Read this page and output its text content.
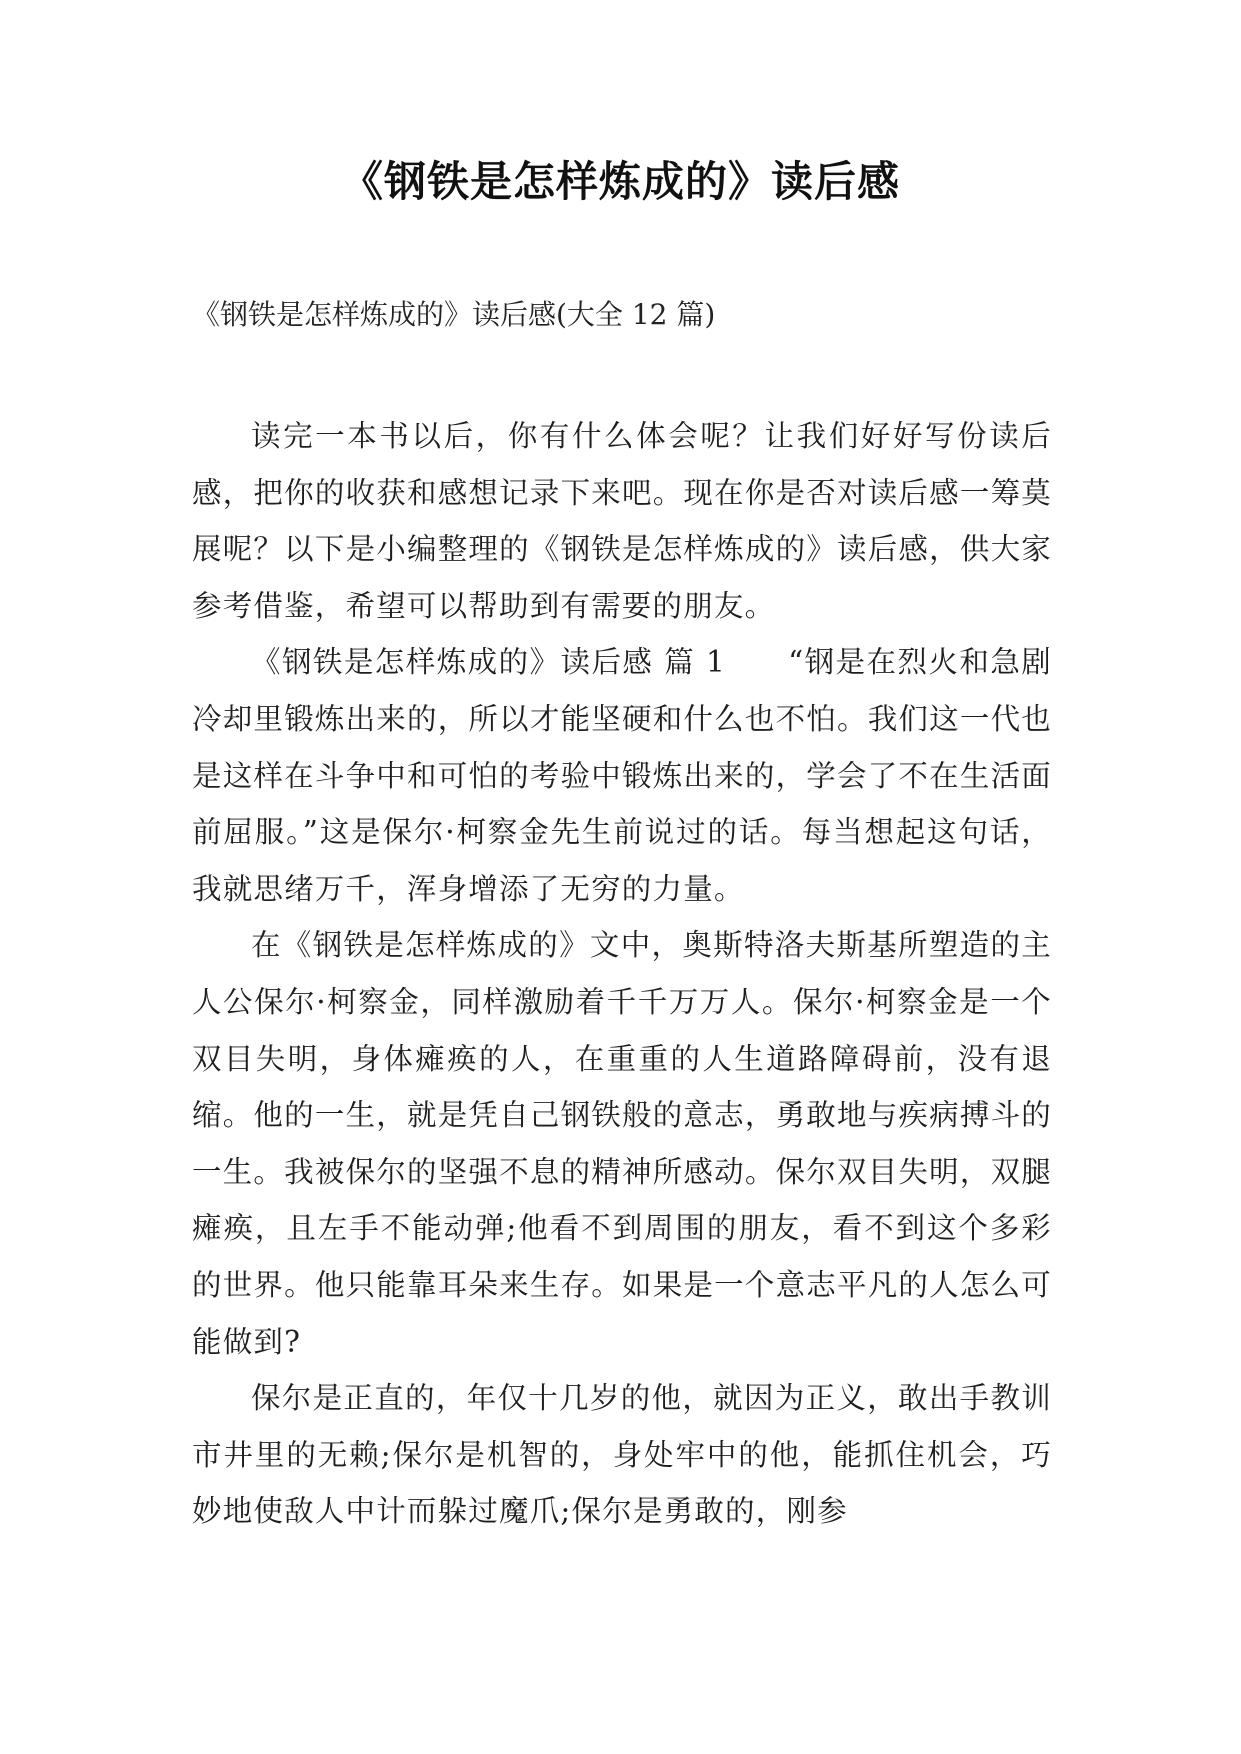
《钢铁是怎样炼成的》读后感

《钢铁是怎样炼成的》读后感(大全 12 篇)

读完一本书以后，你有什么体会呢？让我们好好写份读后感，把你的收获和感想记录下来吧。现在你是否对读后感一筹莫展呢？以下是小编整理的《钢铁是怎样炼成的》读后感，供大家参考借鉴，希望可以帮助到有需要的朋友。

《钢铁是怎样炼成的》读后感 篇 1　　“钢是在烈火和急剧冷却里锻炼出来的，所以才能坚硬和什么也不怕。我们这一代也是这样在斗争中和可怕的考验中锻炼出来的，学会了不在生活面前屈服。”这是保尔·柯察金先生前说过的话。每当想起这句话，我就思绪万千，浑身增添了无穷的力量。

在《钢铁是怎样炼成的》文中，奥斯特洛夫斯基所塑造的主人公保尔·柯察金，同样激励着千千万万人。保尔·柯察金是一个双目失明，身体瘫痪的人，在重重的人生道路障碍前，没有退缩。他的一生，就是凭自己钢铁般的意志，勇敢地与疾病搏斗的一生。我被保尔的坚强不息的精神所感动。保尔双目失明，双腿瘫痪，且左手不能动弹;他看不到周围的朋友，看不到这个多彩的世界。他只能靠耳朵来生存。如果是一个意志平凡的人怎么可能做到?

保尔是正直的，年仅十几岁的他，就因为正义，敢出手教训市井里的无赖;保尔是机智的，身处牢中的他，能抓住机会，巧妙地使敌人中计而躲过魔爪;保尔是勇敢的，刚参
